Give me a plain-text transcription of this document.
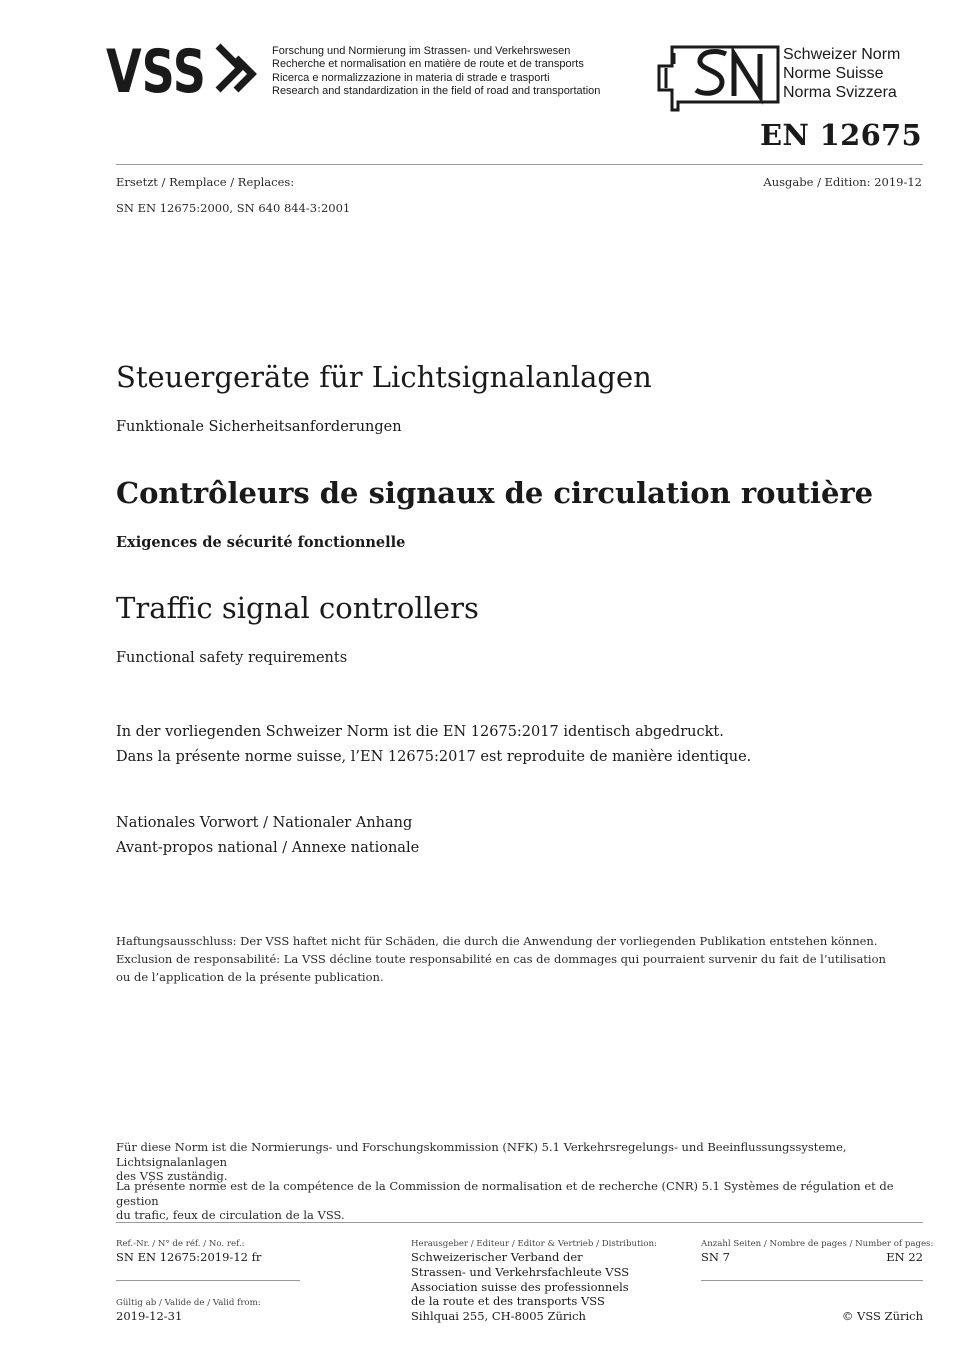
VSS	Forschung und Normierung im Strassen- und Verkehrswesen
Recherche et normalisation en matière de route et de transports
Ricerca e normalizzazione in materia di strade e trasporti
Research and standardization in the field of road and transportation
Schweizer Norm
Norme Suisse
Norma Svizzera
EN 12675
Ersetzt / Remplace / Replaces:	Ausgabe / Edition: 2019-12
SN EN 12675:2000, SN 640 844-3:2001
Steuergeräte für Lichtsignalanlagen
Funktionale Sicherheitsanforderungen
Contrôleurs de signaux de circulation routière
Exigences de sécurité fonctionnelle
Traffic signal controllers
Functional safety requirements
In der vorliegenden Schweizer Norm ist die EN 12675:2017 identisch abgedruckt.
Dans la présente norme suisse, l’EN 12675:2017 est reproduite de manière identique.
Nationales Vorwort / Nationaler Anhang
Avant-propos national / Annexe nationale
Haftungsausschluss: Der VSS haftet nicht für Schäden, die durch die Anwendung der vorliegenden Publikation entstehen können.
Exclusion de responsabilité: La VSS décline toute responsabilité en cas de dommages qui pourraient survenir du fait de l’utilisation
ou de l’application de la présente publication.
Für diese Norm ist die Normierungs- und Forschungskommission (NFK) 5.1 Verkehrsregelungs- und Beeinflussungssysteme, Lichtsignalanlagen
des VSS zuständig.
La présente norme est de la compétence de la Commission de normalisation et de recherche (CNR) 5.1 Systèmes de régulation et de gestion
du trafic, feux de circulation de la VSS.
Ref.-Nr. / N° de réf. / No. ref.:
SN EN 12675:2019-12 fr
Gültig ab / Valide de / Valid from:
2019-12-31
Herausgeber / Editeur / Editor & Vertrieb / Distribution:
Schweizerischer Verband der
Strassen- und Verkehrsfachleute VSS
Association suisse des professionnels
de la route et des transports VSS
Sihlquai 255, CH-8005 Zürich
Anzahl Seiten / Nombre de pages / Number of pages:
SN 7	EN 22
© VSS Zürich
